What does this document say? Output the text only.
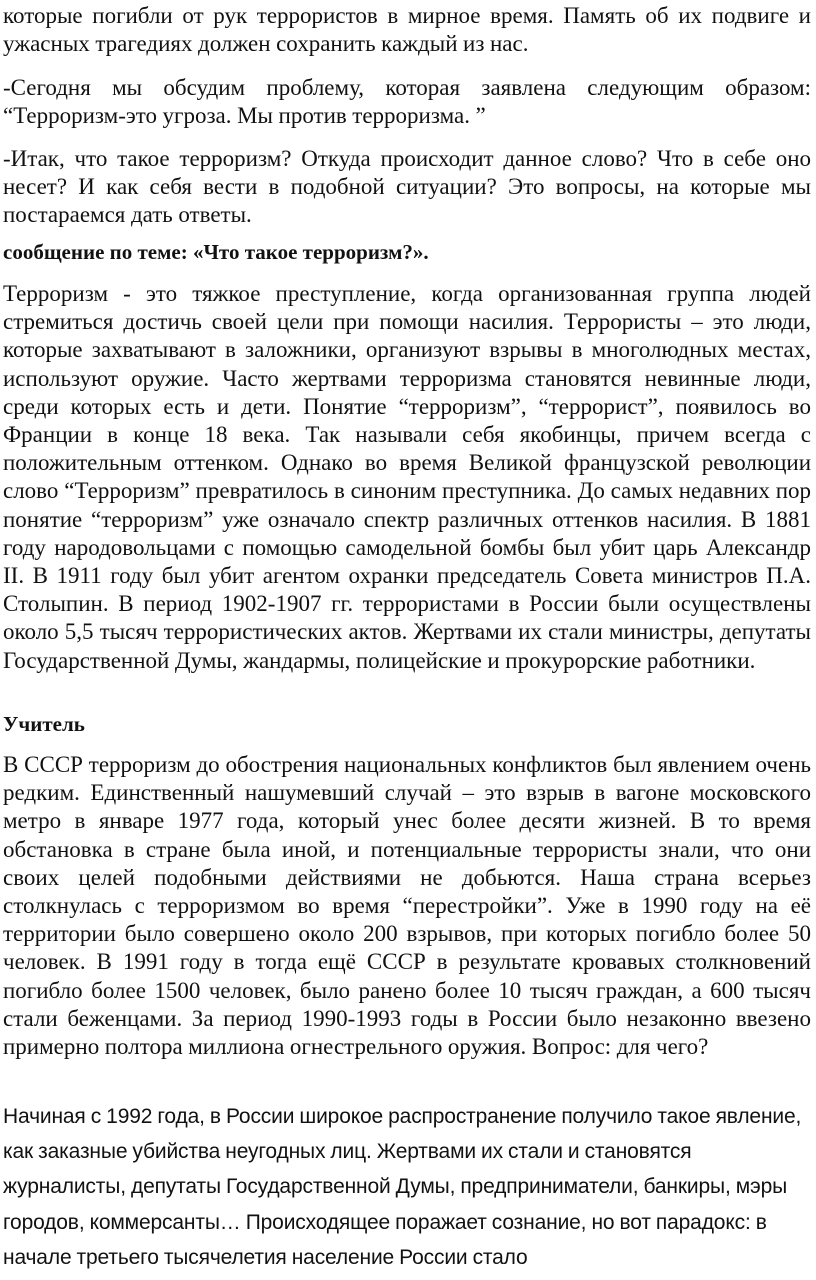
которые погибли от рук террористов в мирное время. Память об их подвиге и ужасных трагедиях должен сохранить каждый из нас.

-Сегодня мы обсудим проблему, которая заявлена следующим образом: “Терроризм-это угроза. Мы против терроризма. ”

-Итак, что такое терроризм? Откуда происходит данное слово? Что в себе оно несет? И как себя вести в подобной ситуации? Это вопросы, на которые мы постараемся дать ответы.

сообщение по теме: «Что такое терроризм?».

Терроризм - это тяжкое преступление, когда организованная группа людей стремиться достичь своей цели при помощи насилия. Террористы – это люди, которые захватывают в заложники, организуют взрывы в многолюдных местах, используют оружие. Часто жертвами терроризма становятся невинные люди, среди которых есть и дети. Понятие “терроризм”, “террорист”, появилось во Франции в конце 18 века. Так называли себя якобинцы, причем всегда с положительным оттенком. Однако во время Великой французской революции слово “Терроризм” превратилось в синоним преступника. До самых недавних пор понятие “терроризм” уже означало спектр различных оттенков насилия. В 1881 году народовольцами с помощью самодельной бомбы был убит царь Александр II. В 1911 году был убит агентом охранки председатель Совета министров П.А. Столыпин. В период 1902-1907 гг. террористами в России были осуществлены около 5,5 тысяч террористических актов. Жертвами их стали министры, депутаты Государственной Думы, жандармы, полицейские и прокурорские работники.

Учитель

В СССР терроризм до обострения национальных конфликтов был явлением очень редким. Единственный нашумевший случай – это взрыв в вагоне московского метро в январе 1977 года, который унес более десяти жизней. В то время обстановка в стране была иной, и потенциальные террористы знали, что они своих целей подобными действиями не добьются. Наша страна всерьез столкнулась с терроризмом во время “перестройки”. Уже в 1990 году на её территории было совершено около 200 взрывов, при которых погибло более 50 человек. В 1991 году в тогда ещё СССР в результате кровавых столкновений погибло более 1500 человек, было ранено более 10 тысяч граждан, а 600 тысяч стали беженцами. За период 1990-1993 годы в России было незаконно ввезено примерно полтора миллиона огнестрельного оружия. Вопрос: для чего?

Начиная с 1992 года, в России широкое распространение получило такое явление, как заказные убийства неугодных лиц. Жертвами их стали и становятся журналисты, депутаты Государственной Думы, предприниматели, банкиры, мэры городов, коммерсанты… Происходящее поражает сознание, но вот парадокс: в начале третьего тысячелетия население России стало
